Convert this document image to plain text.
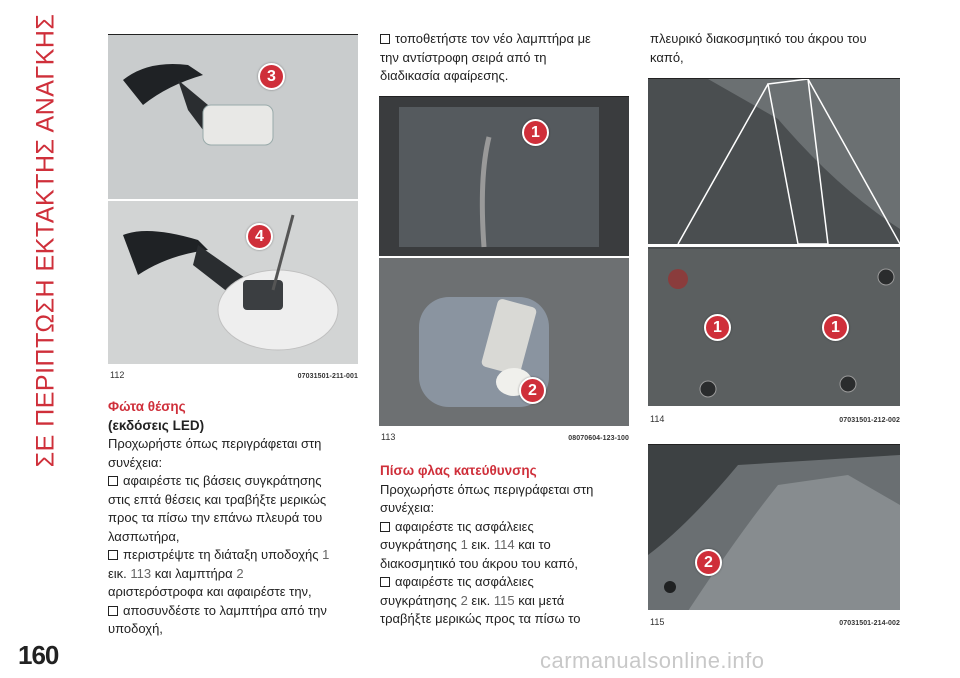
ΣΕ ΠΕΡΙΠΤΩΣΗ ΕΚΤΑΚΤΗΣ ΑΝΑΓΚΗΣ
160
3
4
112	07031501-211-001

Φώτα θέσης

(εκδόσεις LED)

Προχωρήστε όπως περιγράφεται στη

συνέχεια:

αφαιρέστε τις βάσεις συγκράτησης

στις επτά θέσεις και τραβήξτε μερικώς

προς τα πίσω την επάνω πλευρά του

λασπωτήρα,

περιστρέψτε τη διάταξη υποδοχής 1

εικ. 113 και λαμπτήρα 2

αριστερόστροφα και αφαιρέστε την,

αποσυνδέστε το λαμπτήρα από την

υποδοχή,

τοποθετήστε τον νέο λαμπτήρα με

την αντίστροφη σειρά από τη

διαδικασία αφαίρεσης.

1
2
113	08070604-123-100

Πίσω φλας κατεύθυνσης

Προχωρήστε όπως περιγράφεται στη

συνέχεια:

αφαιρέστε τις ασφάλειες

συγκράτησης 1 εικ. 114 και το

διακοσμητικό του άκρου του καπό,

αφαιρέστε τις ασφάλειες

συγκράτησης 2 εικ. 115 και μετά

τραβήξτε μερικώς προς τα πίσω το

πλευρικό διακοσμητικό του άκρου του

καπό,

1	1
114	07031501-212-002
2
115	07031501-214-002
carmanualsonline.info
